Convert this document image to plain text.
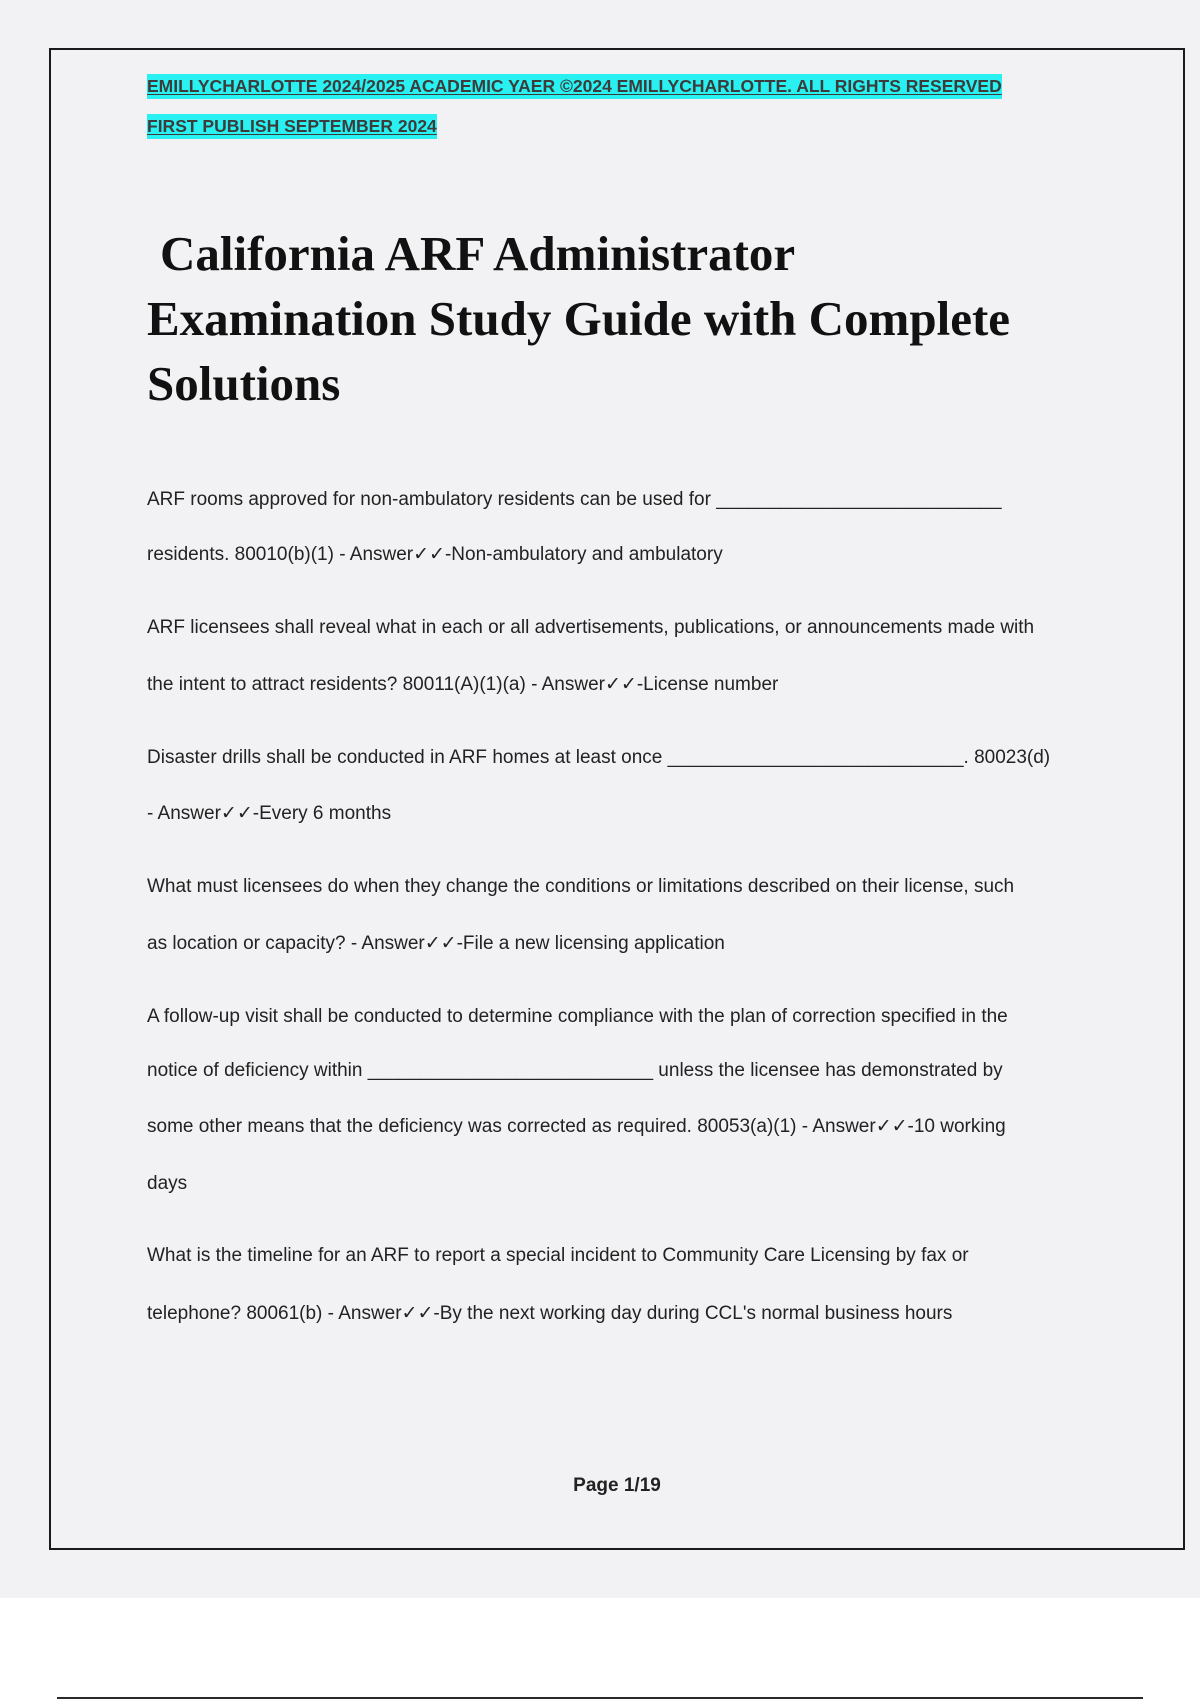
EMILLYCHARLOTTE 2024/2025 ACADEMIC YAER ©2024 EMILLYCHARLOTTE. ALL RIGHTS RESERVED
FIRST PUBLISH SEPTEMBER 2024
California ARF Administrator
Examination Study Guide with Complete
Solutions
ARF rooms approved for non-ambulatory residents can be used for ___________________________
residents. 80010(b)(1) - Answer✓✓-Non-ambulatory and ambulatory
ARF licensees shall reveal what in each or all advertisements, publications, or announcements made with
the intent to attract residents? 80011(A)(1)(a) - Answer✓✓-License number
Disaster drills shall be conducted in ARF homes at least once ____________________________. 80023(d)
- Answer✓✓-Every 6 months
What must licensees do when they change the conditions or limitations described on their license, such
as location or capacity? - Answer✓✓-File a new licensing application
A follow-up visit shall be conducted to determine compliance with the plan of correction specified in the
notice of deficiency within ___________________________ unless the licensee has demonstrated by
some other means that the deficiency was corrected as required. 80053(a)(1) - Answer✓✓-10 working
days
What is the timeline for an ARF to report a special incident to Community Care Licensing by fax or
telephone? 80061(b) - Answer✓✓-By the next working day during CCL's normal business hours
Page 1/19
